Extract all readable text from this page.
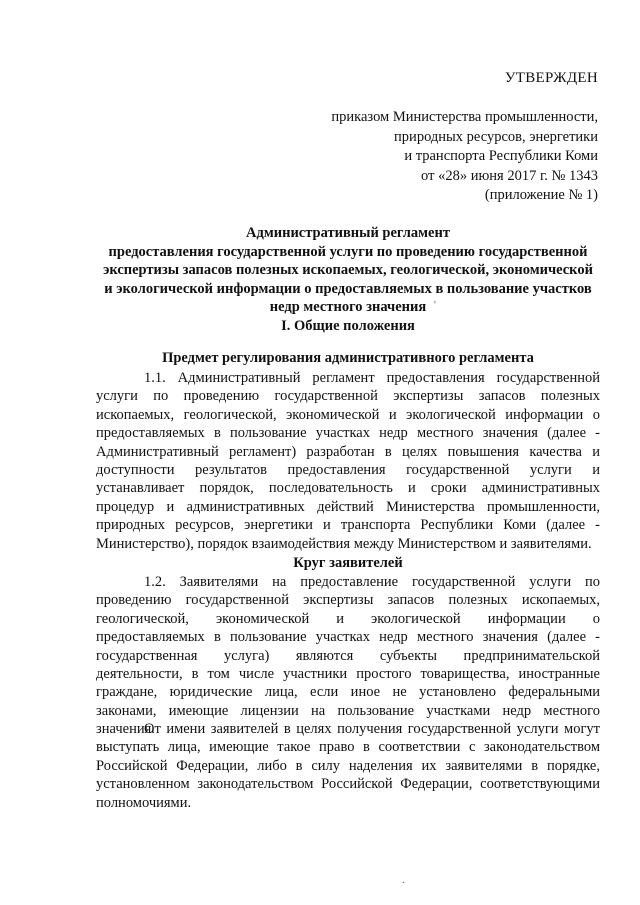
УТВЕРЖДЕН
приказом Министерства промышленности,
природных ресурсов, энергетики
и транспорта Республики Коми
от «28» июня 2017 г. № 1343
(приложение № 1)
Административный регламент
предоставления государственной услуги по проведению государственной
экспертизы запасов полезных ископаемых, геологической, экономической
и экологической информации о предоставляемых в пользование участков
недр местного значения
I. Общие положения
Предмет регулирования административного регламента
1.1. Административный регламент предоставления государственной
услуги по проведению государственной экспертизы запасов полезных
ископаемых, геологической, экономической и экологической информации о
предоставляемых в пользование участках недр местного значения (далее -
Административный регламент) разработан в целях повышения качества и
доступности результатов предоставления государственной услуги и
устанавливает порядок, последовательность и сроки административных
процедур и административных действий Министерства промышленности,
природных ресурсов, энергетики и транспорта Республики Коми (далее -
Министерство), порядок взаимодействия между Министерством и заявителями.
Круг заявителей
1.2. Заявителями на предоставление государственной услуги по
проведению государственной экспертизы запасов полезных ископаемых,
геологической, экономической и экологической информации о
предоставляемых в пользование участках недр местного значения (далее -
государственная услуга) являются субъекты предпринимательской
деятельности, в том числе участники простого товарищества, иностранные
граждане, юридические лица, если иное не установлено федеральными
законами, имеющие лицензии на пользование участками недр местного
значения.
От имени заявителей в целях получения государственной услуги могут
выступать лица, имеющие такое право в соответствии с законодательством
Российской Федерации, либо в силу наделения их заявителями в порядке,
установленном законодательством Российской Федерации, соответствующими
полномочиями.
'
.
